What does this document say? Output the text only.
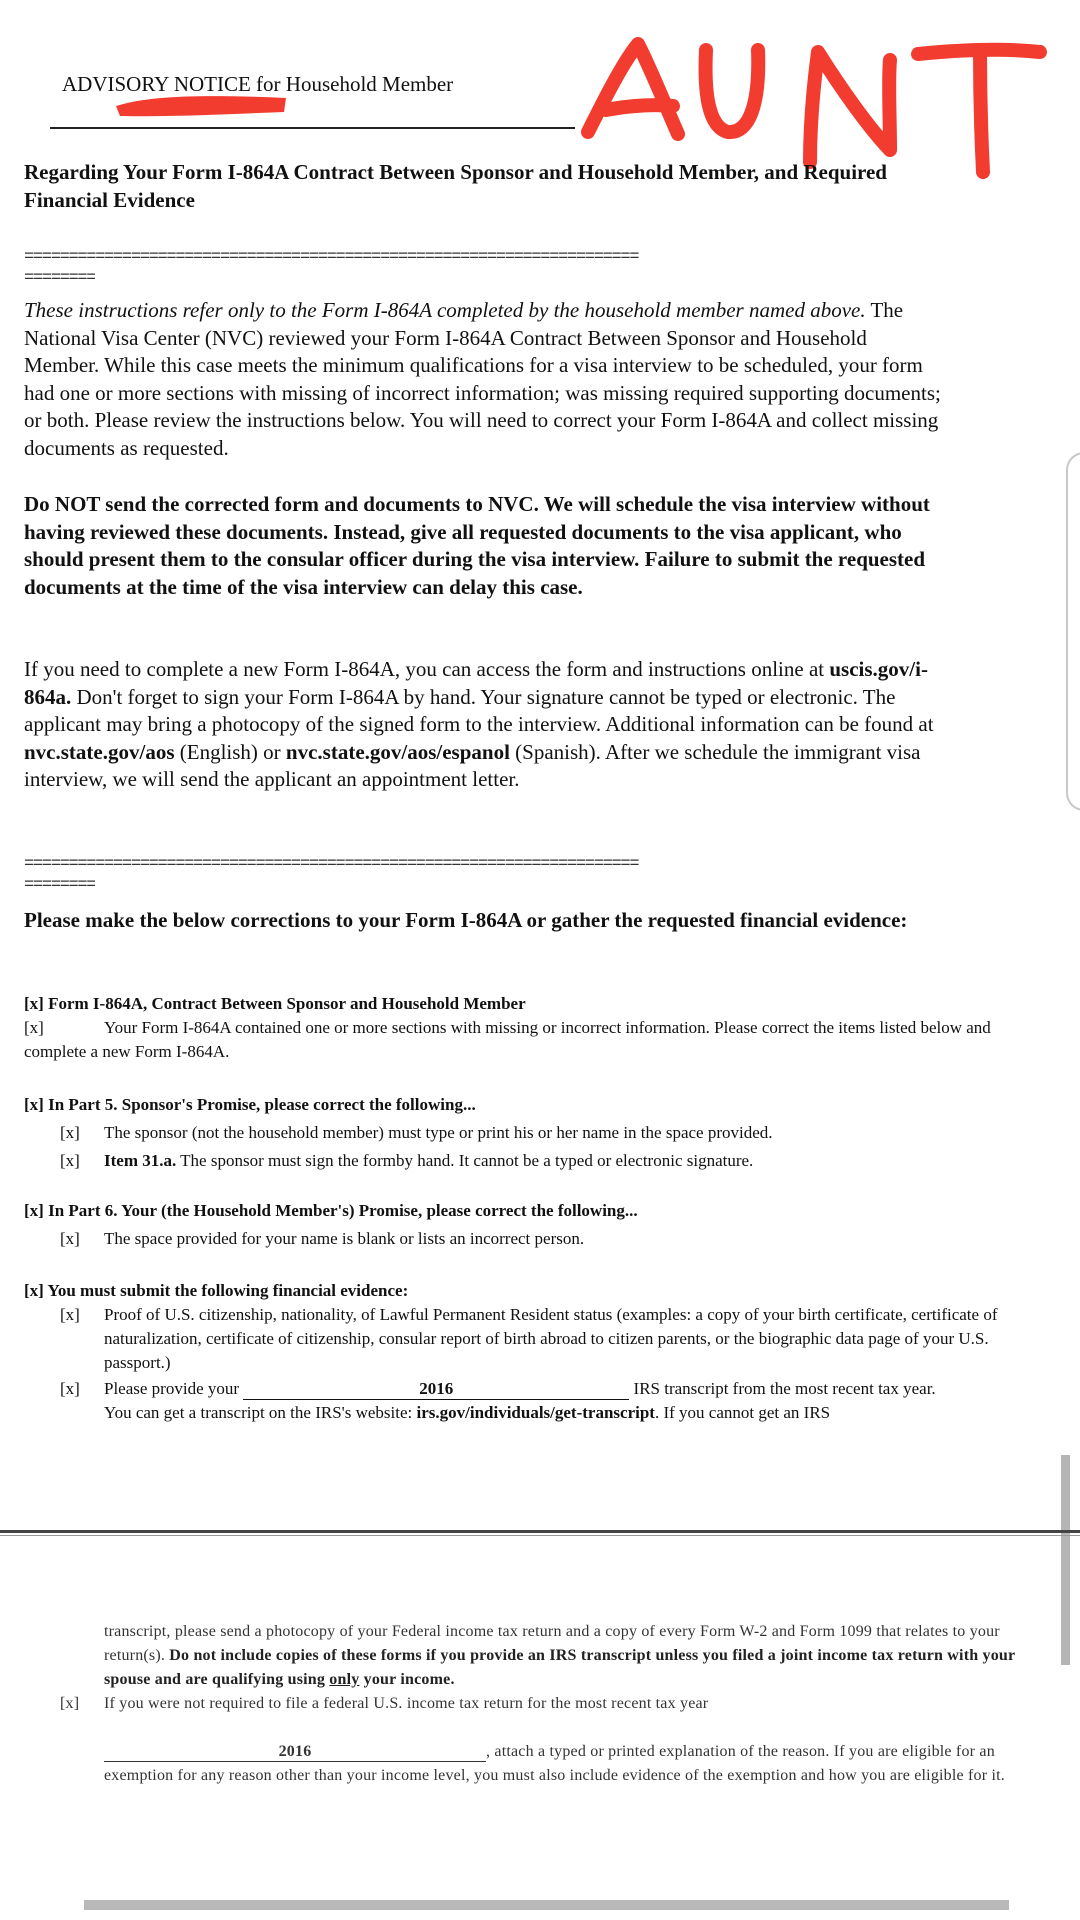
ADVISORY NOTICE for Household Member
Regarding Your Form I-864A Contract Between Sponsor and Household Member, and Required Financial Evidence
=====================================================================
========
These instructions refer only to the Form I-864A completed by the household member named above. The National Visa Center (NVC) reviewed your Form I-864A Contract Between Sponsor and Household Member. While this case meets the minimum qualifications for a visa interview to be scheduled, your form had one or more sections with missing of incorrect information; was missing required supporting documents; or both. Please review the instructions below. You will need to correct your Form I-864A and collect missing documents as requested.
Do NOT send the corrected form and documents to NVC. We will schedule the visa interview without having reviewed these documents. Instead, give all requested documents to the visa applicant, who should present them to the consular officer during the visa interview. Failure to submit the requested documents at the time of the visa interview can delay this case.
If you need to complete a new Form I-864A, you can access the form and instructions online at uscis.gov/i-864a. Don't forget to sign your Form I-864A by hand. Your signature cannot be typed or electronic. The applicant may bring a photocopy of the signed form to the interview. Additional information can be found at nvc.state.gov/aos (English) or nvc.state.gov/aos/espanol (Spanish). After we schedule the immigrant visa interview, we will send the applicant an appointment letter.
=====================================================================
========
Please make the below corrections to your Form I-864A or gather the requested financial evidence:
[x] Form I-864A, Contract Between Sponsor and Household Member
[x]	Your Form I-864A contained one or more sections with missing or incorrect information. Please correct the items listed below and complete a new Form I-864A.
[x] In Part 5. Sponsor's Promise, please correct the following...
[x] The sponsor (not the household member) must type or print his or her name in the space provided.
[x] Item 31.a. The sponsor must sign the formby hand. It cannot be a typed or electronic signature.
[x] In Part 6. Your (the Household Member's) Promise, please correct the following...
[x] The space provided for your name is blank or lists an incorrect person.
[x] You must submit the following financial evidence:
[x] Proof of U.S. citizenship, nationality, of Lawful Permanent Resident status (examples: a copy of your birth certificate, certificate of naturalization, certificate of citizenship, consular report of birth abroad to citizen parents, or the biographic data page of your U.S. passport.)
[x] Please provide your	2016	IRS transcript from the most recent tax year.
You can get a transcript on the IRS's website: irs.gov/individuals/get-transcript. If you cannot get an IRS
transcript, please send a photocopy of your Federal income tax return and a copy of every Form W-2 and Form 1099 that relates to your return(s). Do not include copies of these forms if you provide an IRS transcript unless you filed a joint income tax return with your spouse and are qualifying using only your income.
[x] If you were not required to file a federal U.S. income tax return for the most recent tax year
2016	, attach a typed or printed explanation of the reason. If you are eligible for an exemption for any reason other than your income level, you must also include evidence of the exemption and how you are eligible for it.
